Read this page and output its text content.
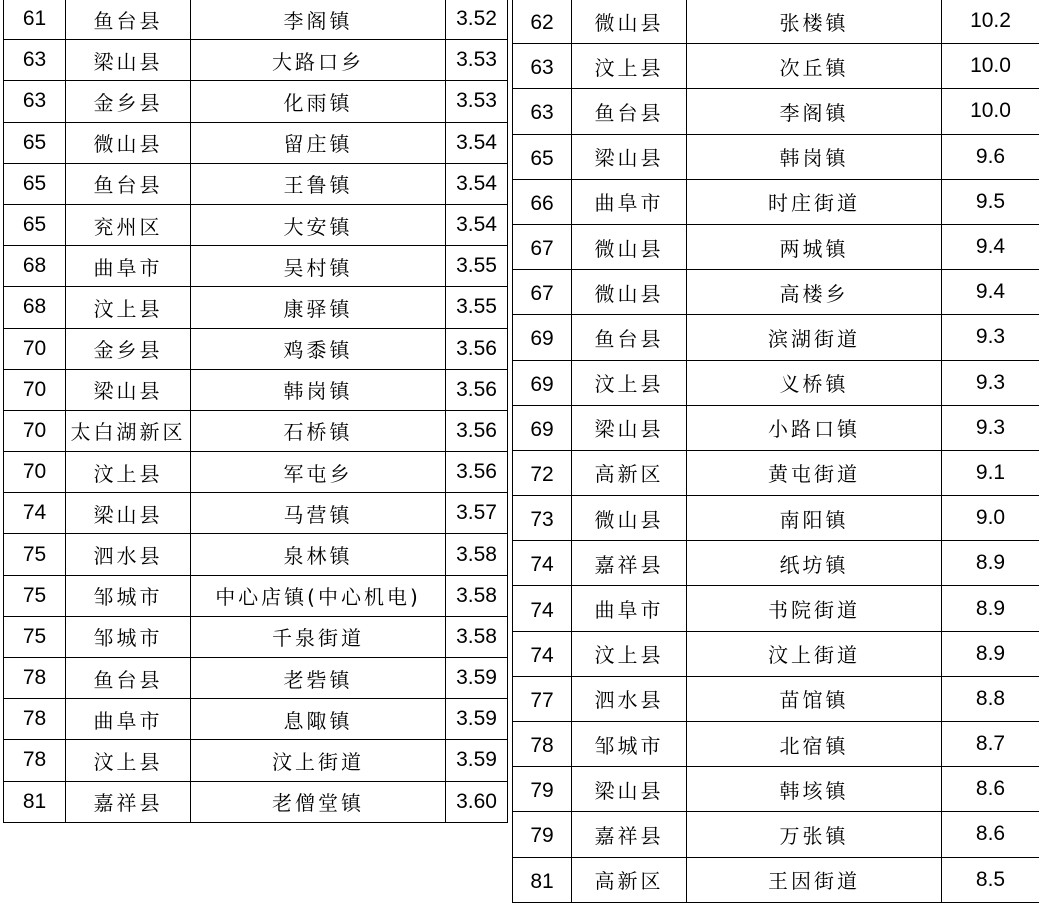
61	鱼台县	李阁镇	3.52
63	梁山县	大路口乡	3.53
63	金乡县	化雨镇	3.53
65	微山县	留庄镇	3.54
65	鱼台县	王鲁镇	3.54
65	兖州区	大安镇	3.54
68	曲阜市	吴村镇	3.55
68	汶上县	康驿镇	3.55
70	金乡县	鸡黍镇	3.56
70	梁山县	韩岗镇	3.56
70	太白湖新区	石桥镇	3.56
70	汶上县	军屯乡	3.56
74	梁山县	马营镇	3.57
75	泗水县	泉林镇	3.58
75	邹城市	中心店镇(中心机电)	3.58
75	邹城市	千泉街道	3.58
78	鱼台县	老砦镇	3.59
78	曲阜市	息陬镇	3.59
78	汶上县	汶上街道	3.59
81	嘉祥县	老僧堂镇	3.60
62	微山县	张楼镇	10.2
63	汶上县	次丘镇	10.0
63	鱼台县	李阁镇	10.0
65	梁山县	韩岗镇	9.6
66	曲阜市	时庄街道	9.5
67	微山县	两城镇	9.4
67	微山县	高楼乡	9.4
69	鱼台县	滨湖街道	9.3
69	汶上县	义桥镇	9.3
69	梁山县	小路口镇	9.3
72	高新区	黄屯街道	9.1
73	微山县	南阳镇	9.0
74	嘉祥县	纸坊镇	8.9
74	曲阜市	书院街道	8.9
74	汶上县	汶上街道	8.9
77	泗水县	苗馆镇	8.8
78	邹城市	北宿镇	8.7
79	梁山县	韩垓镇	8.6
79	嘉祥县	万张镇	8.6
81	高新区	王因街道	8.5
